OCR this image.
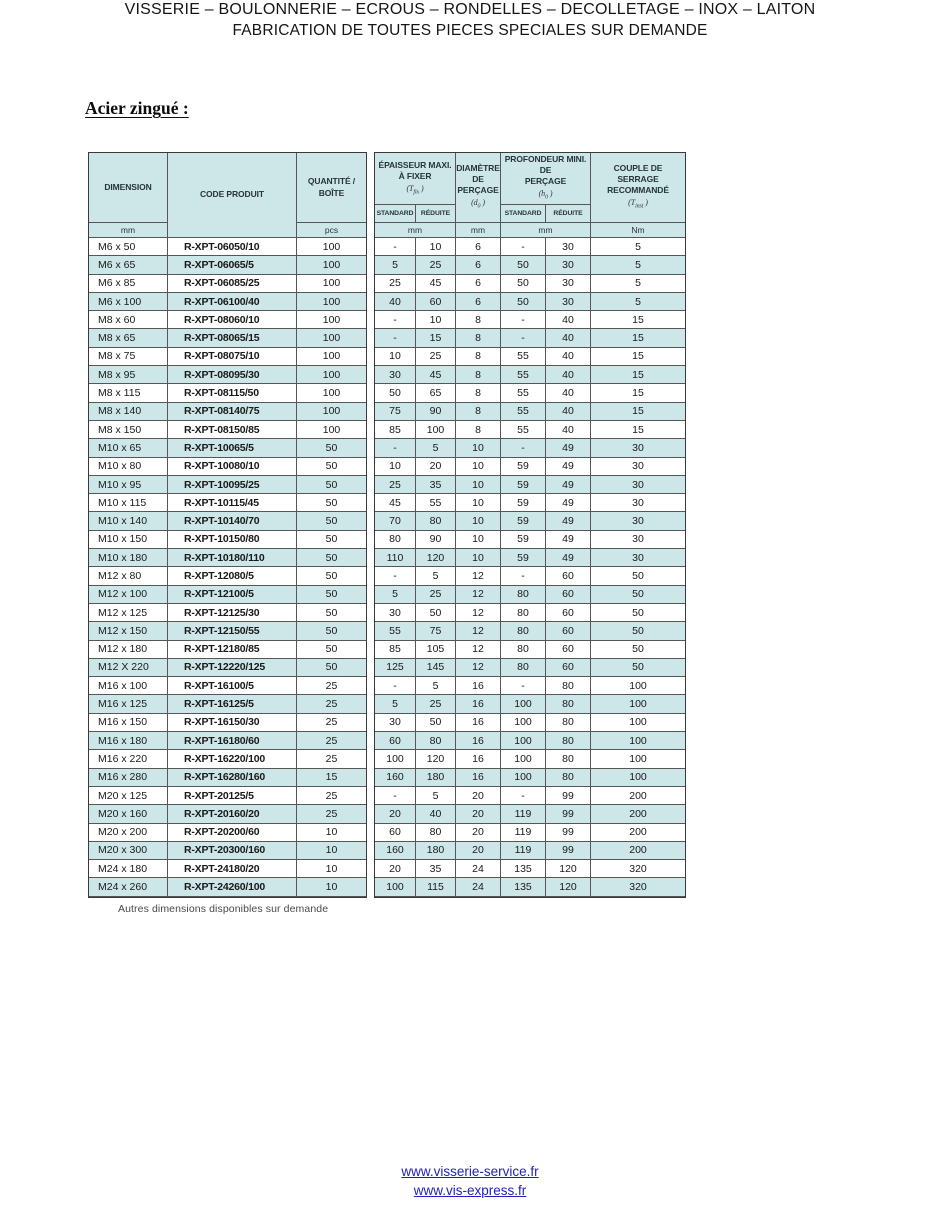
VISSERIE – BOULONNERIE – ECROUS – RONDELLES – DECOLLETAGE – INOX – LAITON
FABRICATION DE TOUTES PIECES SPECIALES SUR DEMANDE
Acier zingué :
DIMENSION
CODE PRODUIT
QUANTITÉ /
BOÎTE
mm	pcs
M6 x 50	R-XPT-06050/10	100
M6 x 65	R-XPT-06065/5	100
M6 x 85	R-XPT-06085/25	100
M6 x 100	R-XPT-06100/40	100
M8 x 60	R-XPT-08060/10	100
M8 x 65	R-XPT-08065/15	100
M8 x 75	R-XPT-08075/10	100
M8 x 95	R-XPT-08095/30	100
M8 x 115	R-XPT-08115/50	100
M8 x 140	R-XPT-08140/75	100
M8 x 150	R-XPT-08150/85	100
M10 x 65	R-XPT-10065/5	50
M10 x 80	R-XPT-10080/10	50
M10 x 95	R-XPT-10095/25	50
M10 x 115	R-XPT-10115/45	50
M10 x 140	R-XPT-10140/70	50
M10 x 150	R-XPT-10150/80	50
M10 x 180	R-XPT-10180/110	50
M12 x 80	R-XPT-12080/5	50
M12 x 100	R-XPT-12100/5	50
M12 x 125	R-XPT-12125/30	50
M12 x 150	R-XPT-12150/55	50
M12 x 180	R-XPT-12180/85	50
M12 X 220	R-XPT-12220/125	50
M16 x 100	R-XPT-16100/5	25
M16 x 125	R-XPT-16125/5	25
M16 x 150	R-XPT-16150/30	25
M16 x 180	R-XPT-16180/60	25
M16 x 220	R-XPT-16220/100	25
M16 x 280	R-XPT-16280/160	15
M20 x 125	R-XPT-20125/5	25
M20 x 160	R-XPT-20160/20	25
M20 x 200	R-XPT-20200/60	10
M20 x 300	R-XPT-20300/160	10
M24 x 180	R-XPT-24180/20	10
M24 x 260	R-XPT-24260/100	10
ÉPAISSEUR MAXI.
À FIXER
($T_{fix}$ )
DIAMÈTRE
DE PERÇAGE
($d_0$ )
PROFONDEUR MINI. DE
PERÇAGE
($h_0$ )
COUPLE DE
SERRAGE
RECOMMANDÉ
($T_{inst}$ )
STANDARD	RÉDUITE	STANDARD	RÉDUITE
mm	mm	mm	Nm
-	10	6	-	30	5
5	25	6	50	30	5
25	45	6	50	30	5
40	60	6	50	30	5
-	10	8	-	40	15
-	15	8	-	40	15
10	25	8	55	40	15
30	45	8	55	40	15
50	65	8	55	40	15
75	90	8	55	40	15
85	100	8	55	40	15
-	5	10	-	49	30
10	20	10	59	49	30
25	35	10	59	49	30
45	55	10	59	49	30
70	80	10	59	49	30
80	90	10	59	49	30
110	120	10	59	49	30
-	5	12	-	60	50
5	25	12	80	60	50
30	50	12	80	60	50
55	75	12	80	60	50
85	105	12	80	60	50
125	145	12	80	60	50
-	5	16	-	80	100
5	25	16	100	80	100
30	50	16	100	80	100
60	80	16	100	80	100
100	120	16	100	80	100
160	180	16	100	80	100
-	5	20	-	99	200
20	40	20	119	99	200
60	80	20	119	99	200
160	180	20	119	99	200
20	35	24	135	120	320
100	115	24	135	120	320
Autres dimensions disponibles sur demande
www.visserie-service.fr
www.vis-express.fr
